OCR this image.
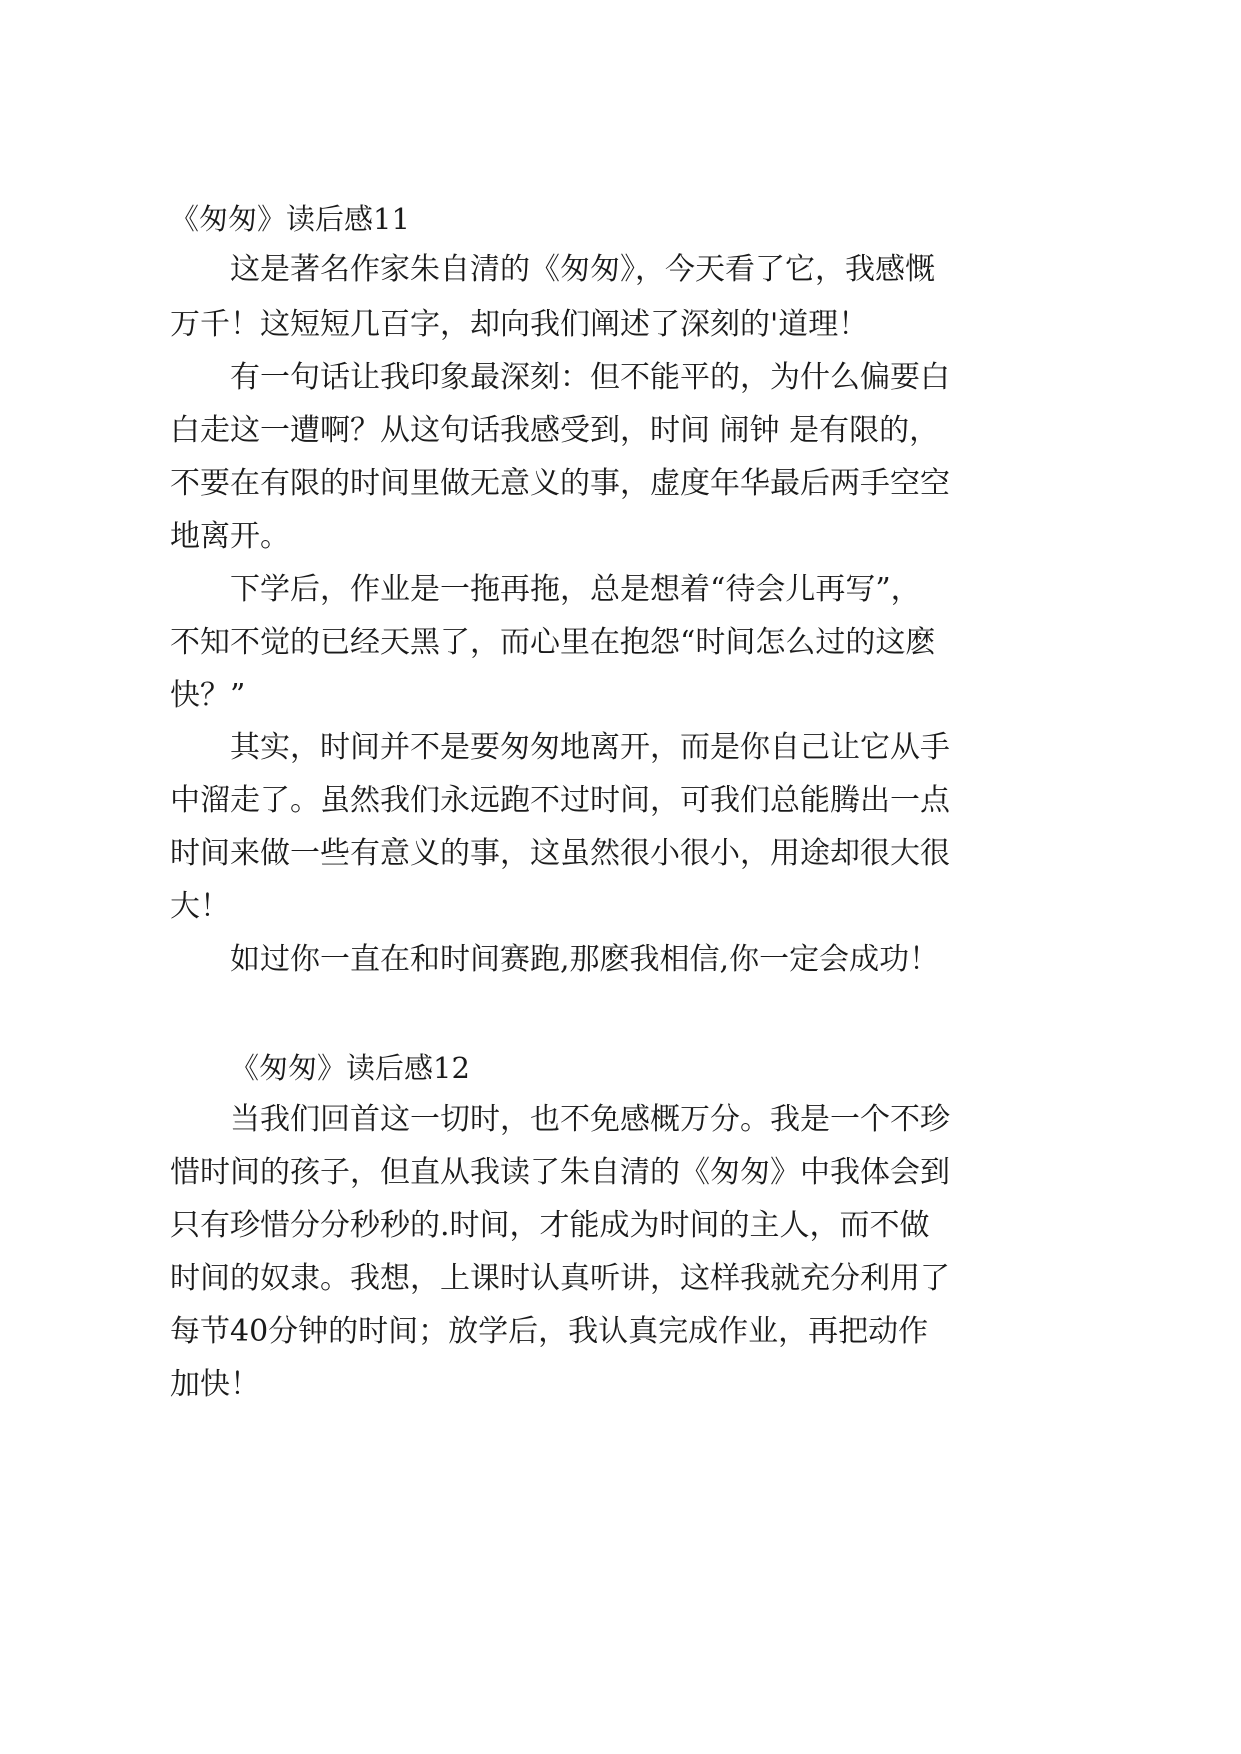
《匆匆》读后感11
这是著名作家朱自清的《匆匆》，今天看了它，我感慨
万千！这短短几百字，却向我们阐述了深刻的'道理！
有一句话让我印象最深刻：但不能平的，为什么偏要白
白走这一遭啊？从这句话我感受到，时间 闹钟 是有限的，
不要在有限的时间里做无意义的事，虚度年华最后两手空空
地离开。
下学后，作业是一拖再拖，总是想着“待会儿再写”，
不知不觉的已经天黑了，而心里在抱怨“时间怎么过的这麽
快？”
其实，时间并不是要匆匆地离开，而是你自己让它从手
中溜走了。虽然我们永远跑不过时间，可我们总能腾出一点
时间来做一些有意义的事，这虽然很小很小，用途却很大很
大！
如过你一直在和时间赛跑,那麽我相信,你一定会成功！
《匆匆》读后感12
当我们回首这一切时，也不免感概万分。我是一个不珍
惜时间的孩子，但直从我读了朱自清的《匆匆》中我体会到
只有珍惜分分秒秒的.时间，才能成为时间的主人，而不做
时间的奴隶。我想，上课时认真听讲，这样我就充分利用了
每节40分钟的时间；放学后，我认真完成作业，再把动作
加快！
